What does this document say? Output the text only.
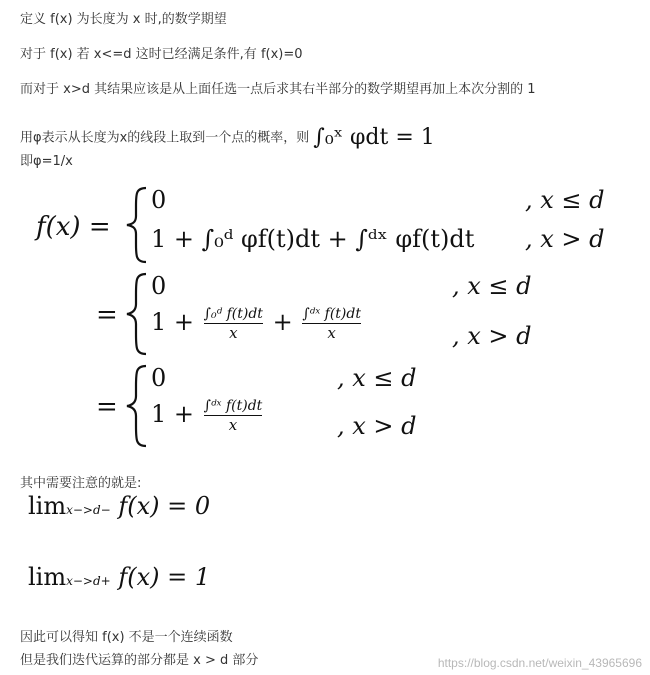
定义 f(x) 为长度为 x 时,的数学期望
对于 f(x) 若 x<=d 这时已经满足条件,有 f(x)=0
而对于 x>d 其结果应该是从上面任选一点后求其右半部分的数学期望再加上本次分割的 1
用φ表示从长度为x的线段上取到一个点的概率，则 ∫₀ˣ φdt = 1
即φ=1/x
f(x) =
0	, x ≤ d
1 + ∫₀ᵈ φf(t)dt + ∫ᵈˣ φf(t)dt , x > d
=
0	, x ≤ d
$1 + \frac{\text{∫₀ᵈ f(t)dt}}{x} + \frac{\text{∫ᵈˣ f(t)dt}}{x}$	, x > d
=
0	, x ≤ d
$1 + \frac{\text{∫ᵈˣ f(t)dt}}{x}$	, x > d
其中需要注意的就是:
limx−>d− f(x) = 0
limx−>d+ f(x) = 1
因此可以得知 f(x) 不是一个连续函数
但是我们迭代运算的部分都是 x > d 部分	https://blog.csdn.net/weixin_43965696
